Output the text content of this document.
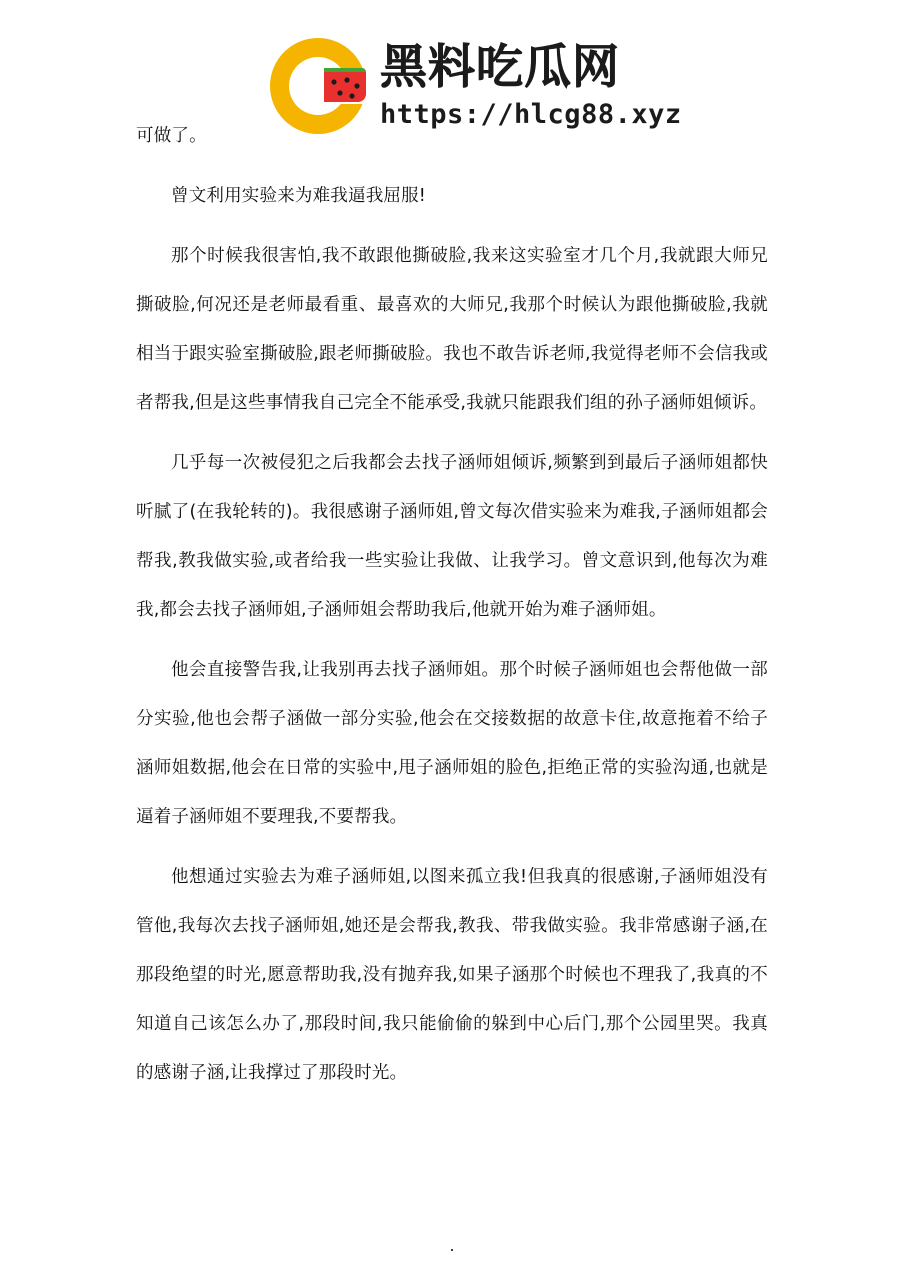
黑料吃瓜网
https://hlcg88.xyz

可做了。

曾文利用实验来为难我逼我屈服!

那个时候我很害怕,我不敢跟他撕破脸,我来这实验室才几个月,我就跟大师兄撕破脸,何况还是老师最看重、最喜欢的大师兄,我那个时候认为跟他撕破脸,我就相当于跟实验室撕破脸,跟老师撕破脸。我也不敢告诉老师,我觉得老师不会信我或者帮我,但是这些事情我自己完全不能承受,我就只能跟我们组的孙子涵师姐倾诉。

几乎每一次被侵犯之后我都会去找子涵师姐倾诉,频繁到到最后子涵师姐都快听腻了(在我轮转的)。我很感谢子涵师姐,曾文每次借实验来为难我,子涵师姐都会帮我,教我做实验,或者给我一些实验让我做、让我学习。曾文意识到,他每次为难我,都会去找子涵师姐,子涵师姐会帮助我后,他就开始为难子涵师姐。

他会直接警告我,让我别再去找子涵师姐。那个时候子涵师姐也会帮他做一部分实验,他也会帮子涵做一部分实验,他会在交接数据的故意卡住,故意拖着不给子涵师姐数据,他会在日常的实验中,甩子涵师姐的脸色,拒绝正常的实验沟通,也就是逼着子涵师姐不要理我,不要帮我。

他想通过实验去为难子涵师姐,以图来孤立我!但我真的很感谢,子涵师姐没有管他,我每次去找子涵师姐,她还是会帮我,教我、带我做实验。我非常感谢子涵,在那段绝望的时光,愿意帮助我,没有抛弃我,如果子涵那个时候也不理我了,我真的不知道自己该怎么办了,那段时间,我只能偷偷的躲到中心后门,那个公园里哭。我真的感谢子涵,让我撑过了那段时光。

.
